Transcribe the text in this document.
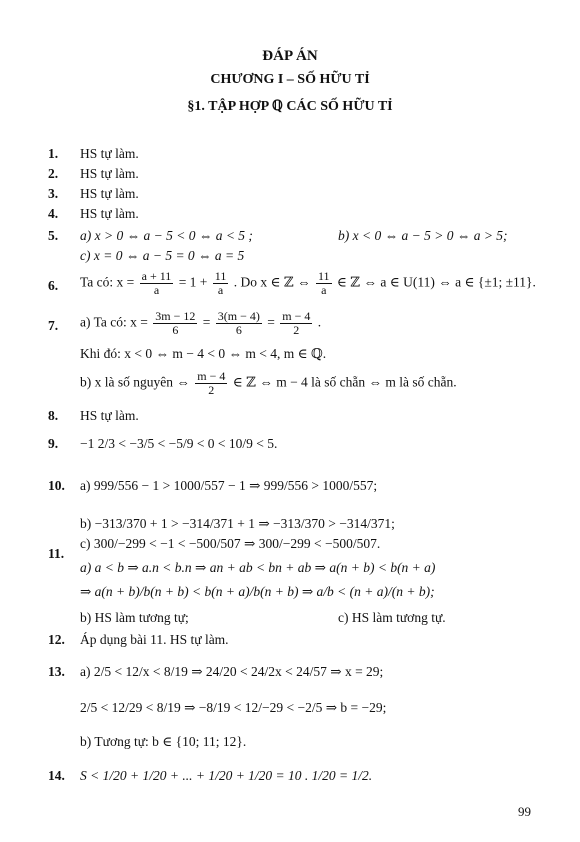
ĐÁP ÁN
CHƯƠNG I – SỐ HỮU TỈ
§1. TẬP HỢP ℚ CÁC SỐ HỮU TỈ
1. HS tự làm.
2. HS tự làm.
3. HS tự làm.
4. HS tự làm.
5. a) x > 0 ⇔ a − 5 < 0 ⇔ a < 5 ;	b) x < 0 ⇔ a − 5 > 0 ⇔ a > 5;
c) x = 0 ⇔ a − 5 = 0 ⇔ a = 5
6. Ta có: $x = \frac{a + 11}{a} = 1 + \frac{11}{a}$ . Do x ∈ ℤ ⇔ $\frac{11}{a}$ ∈ ℤ ⇔ a ∈ U(11) ⇔ a ∈ {±1; ±11}.
7. a) Ta có: $x = \frac{3m - 12}{6} = \frac{3(m - 4)}{6} = \frac{m - 4}{2}$ .
Khi đó: x < 0 ⇔ m − 4 < 0 ⇔ m < 4, m ∈ ℚ.
b) x là số nguyên ⇔ $\frac{m - 4}{2}$ ∈ ℤ ⇔ m − 4 là số chẵn ⇔ m là số chẵn.
8. HS tự làm.
9. −1 2/3 < −3/5 < −5/9 < 0 < 10/9 < 5.
10. a) 999/556 − 1 > 1000/557 − 1 ⇒ 999/556 > 1000/557;
b) −313/370 + 1 > −314/371 + 1 ⇒ −313/370 > −314/371;
c) 300/−299 < −1 < −500/507 ⇒ 300/−299 < −500/507.
11.
a) a < b ⇒ a.n < b.n ⇒ an + ab < bn + ab ⇒ a(n + b) < b(n + a)
⇒ a(n + b)/b(n + b) < b(n + a)/b(n + b) ⇒ a/b < (n + a)/(n + b);
b) HS làm tương tự;	c) HS làm tương tự.
12. Áp dụng bài 11. HS tự làm.
13. a) 2/5 < 12/x < 8/19 ⇒ 24/20 < 24/2x < 24/57 ⇒ x = 29;
2/5 < 12/29 < 8/19 ⇒ −8/19 < 12/−29 < −2/5 ⇒ b = −29;
b) Tương tự: b ∈ {10; 11; 12}.
14. S < 1/20 + 1/20 + ... + 1/20 + 1/20 = 10 . 1/20 = 1/2.
99
